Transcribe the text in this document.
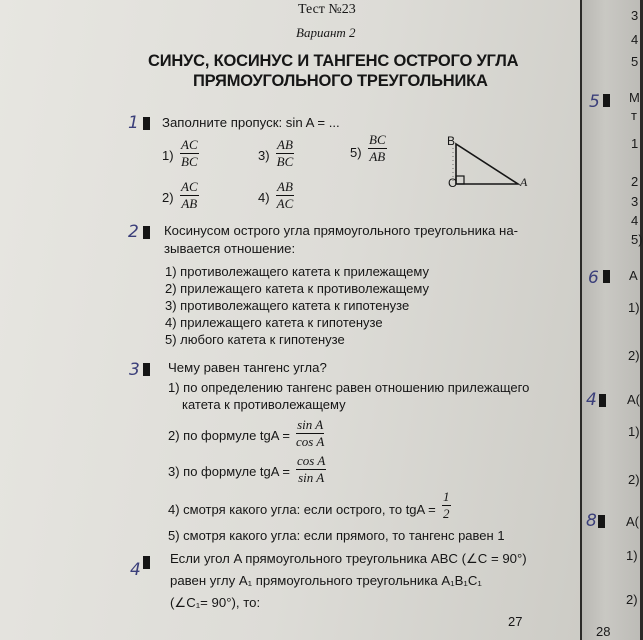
Тест №23
Вариант 2
СИНУС, КОСИНУС И ТАНГЕНС ОСТРОГО УГЛА
ПРЯМОУГОЛЬНОГО ТРЕУГОЛЬНИКА
1 Заполните пропуск: sin A = ...
1)
AC
BC	3)
AB
BC
5)
BC
AB
2)
AC
AB	4)
AB
AC
B
C	A
2 Косинусом острого угла прямоугольного треугольника на-
зывается отношение:
1) противолежащего катета к прилежащему
2) прилежащего катета к противолежащему
3) противолежащего катета к гипотенузе
4) прилежащего катета к гипотенузе
5) любого катета к гипотенузе
3 Чему равен тангенс угла?
1) по определению тангенс равен отношению прилежащего
катета к противолежащему
2) по формуле tgA =
sin A
cos A
3) по формуле tgA =
cos A
sin A
4) смотря какого угла: если острого, то tgA =
1
2
5) смотря какого угла: если прямого, то тангенс равен 1
4
Если угол A прямоугольного треугольника ABC (∠C = 90°)
равен углу A₁ прямоугольного треугольника A₁B₁C₁
(∠C₁= 90°), то:
27
3
4
5
5 М
т
1
2
3
4
5)
6 А
1)
2)
4 А(
1)
2)
8 А(
1)
2)
28
